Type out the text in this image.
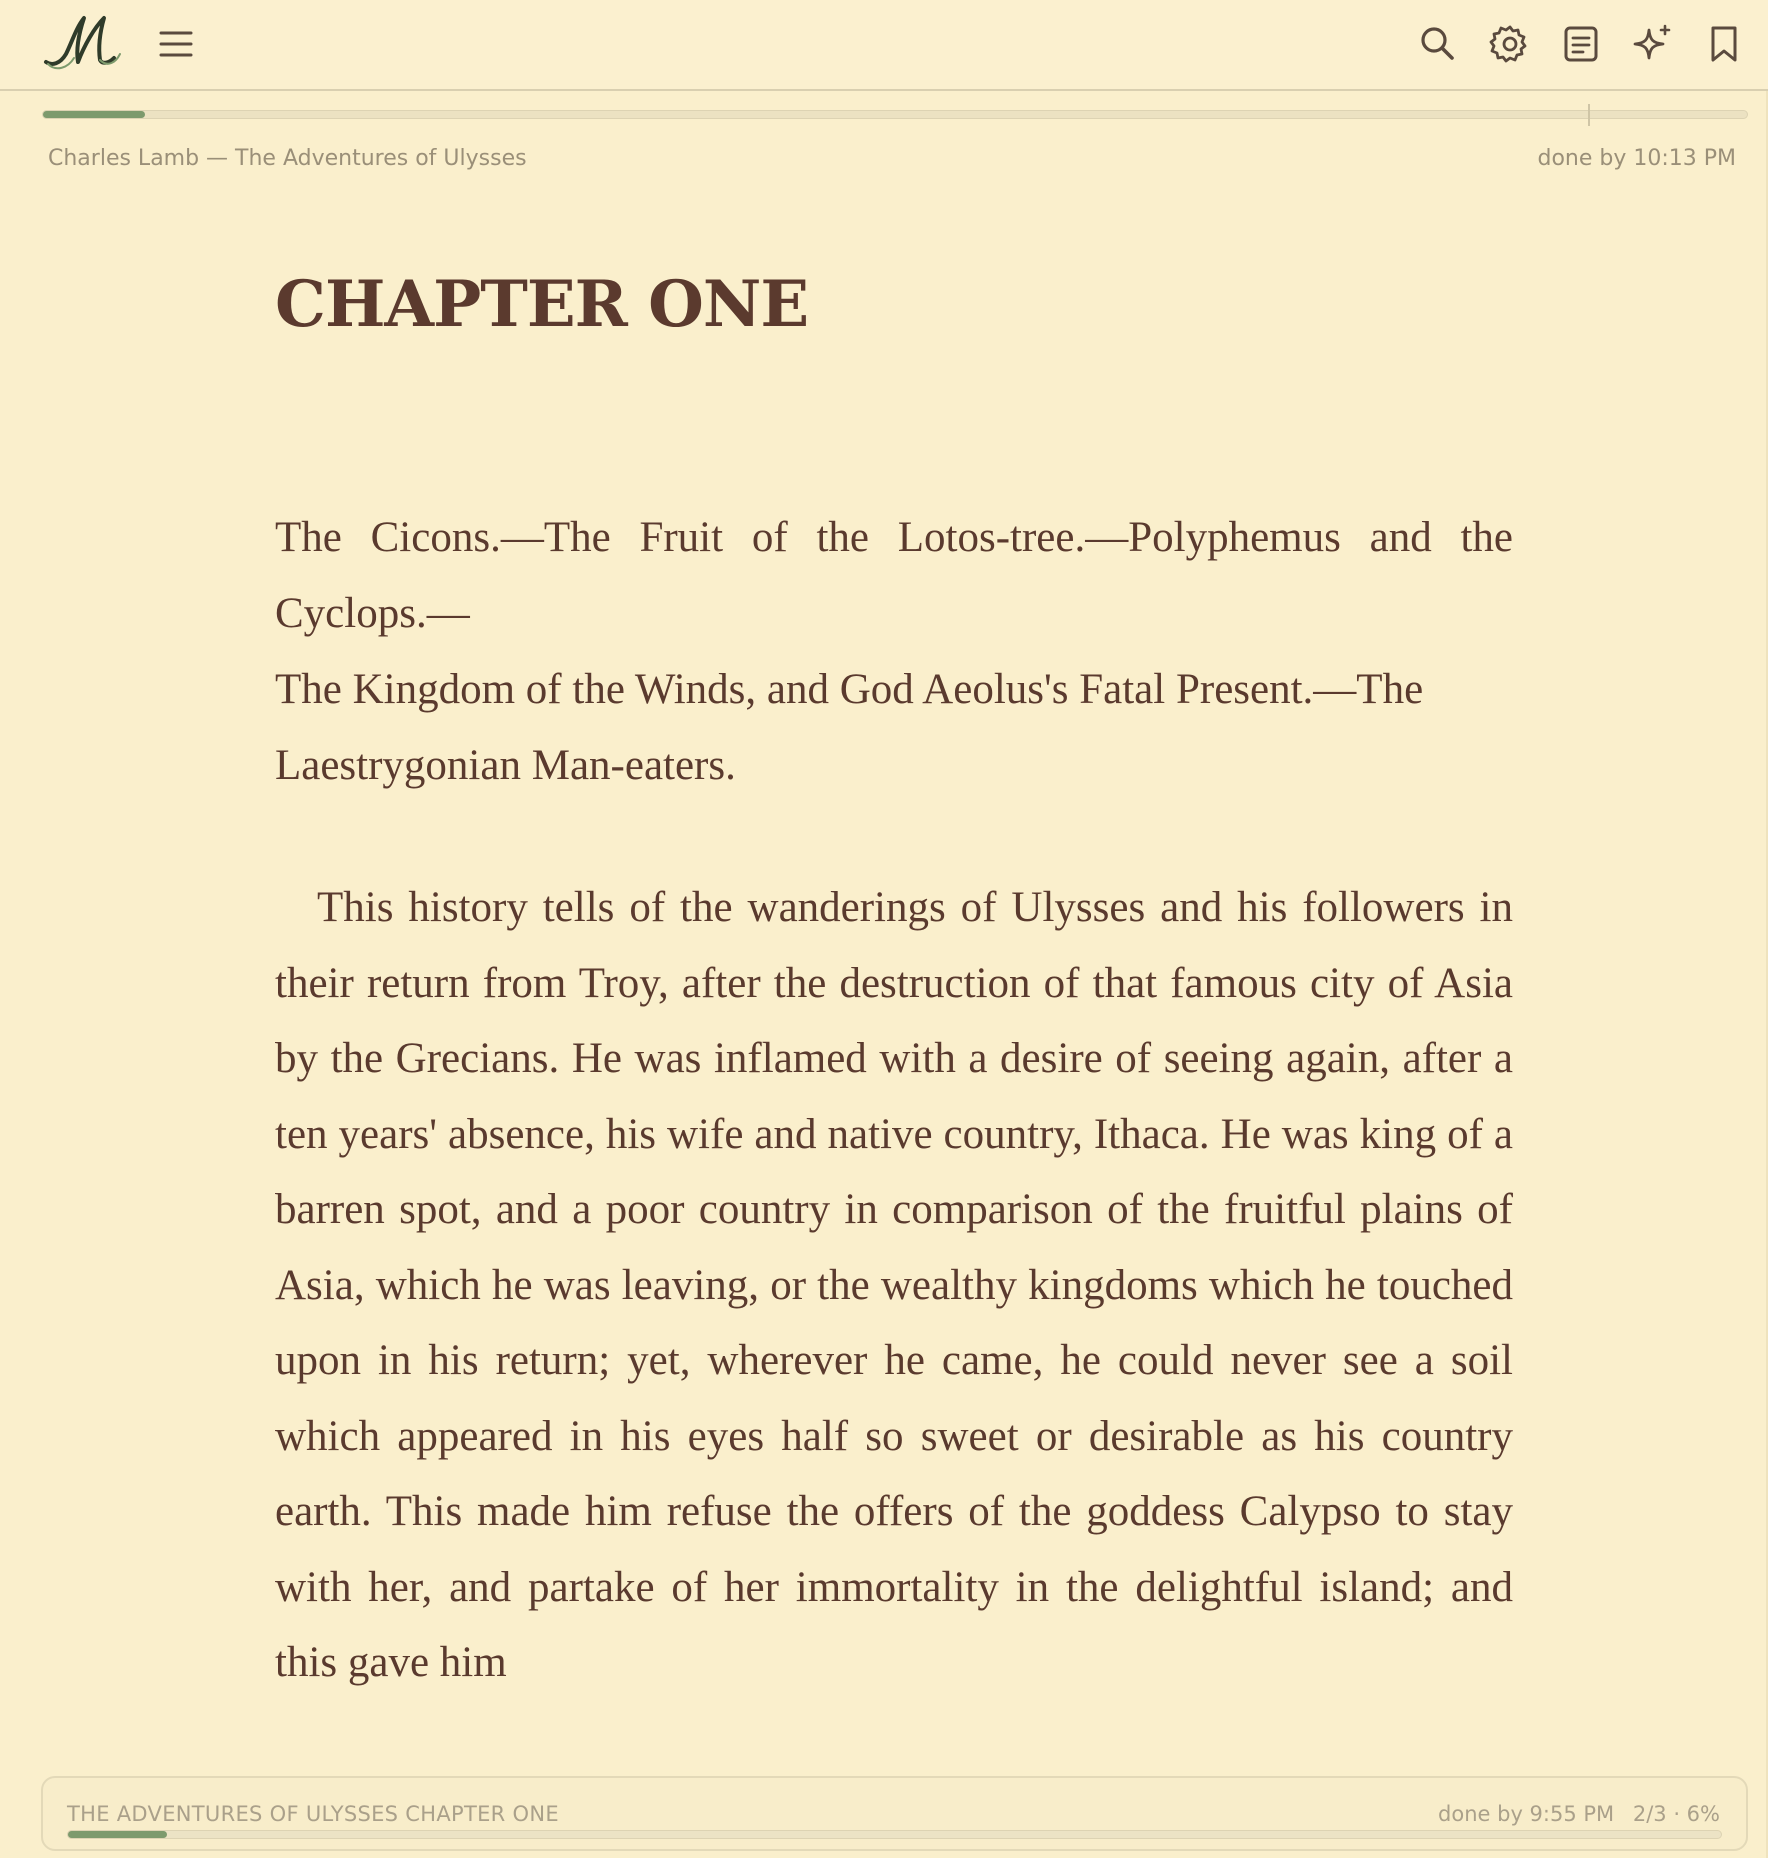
Charles Lamb — The Adventures of Ulysses	done by 10:13 PM
CHAPTER ONE

The Cicons.—The Fruit of the Lotos-tree.—Polyphemus and the Cyclops.—

The Kingdom of the Winds, and God Aeolus's Fatal Present.—The Laestrygonian Man-eaters.

This history tells of the wanderings of Ulysses and his followers in their return from Troy, after the destruction of that famous city of Asia by the Grecians. He was inflamed with a desire of seeing again, after a ten years' absence, his wife and native country, Ithaca. He was king of a barren spot, and a poor country in comparison of the fruitful plains of Asia, which he was leaving, or the wealthy kingdoms which he touched upon in his return; yet, wherever he came, he could never see a soil which appeared in his eyes half so sweet or desirable as his country earth. This made him refuse the offers of the goddess Calypso to stay with her, and partake of her immortality in the delightful island; and this gave him

THE ADVENTURES OF ULYSSES CHAPTER ONE	done by 9:55 PM 2/3 · 6%
